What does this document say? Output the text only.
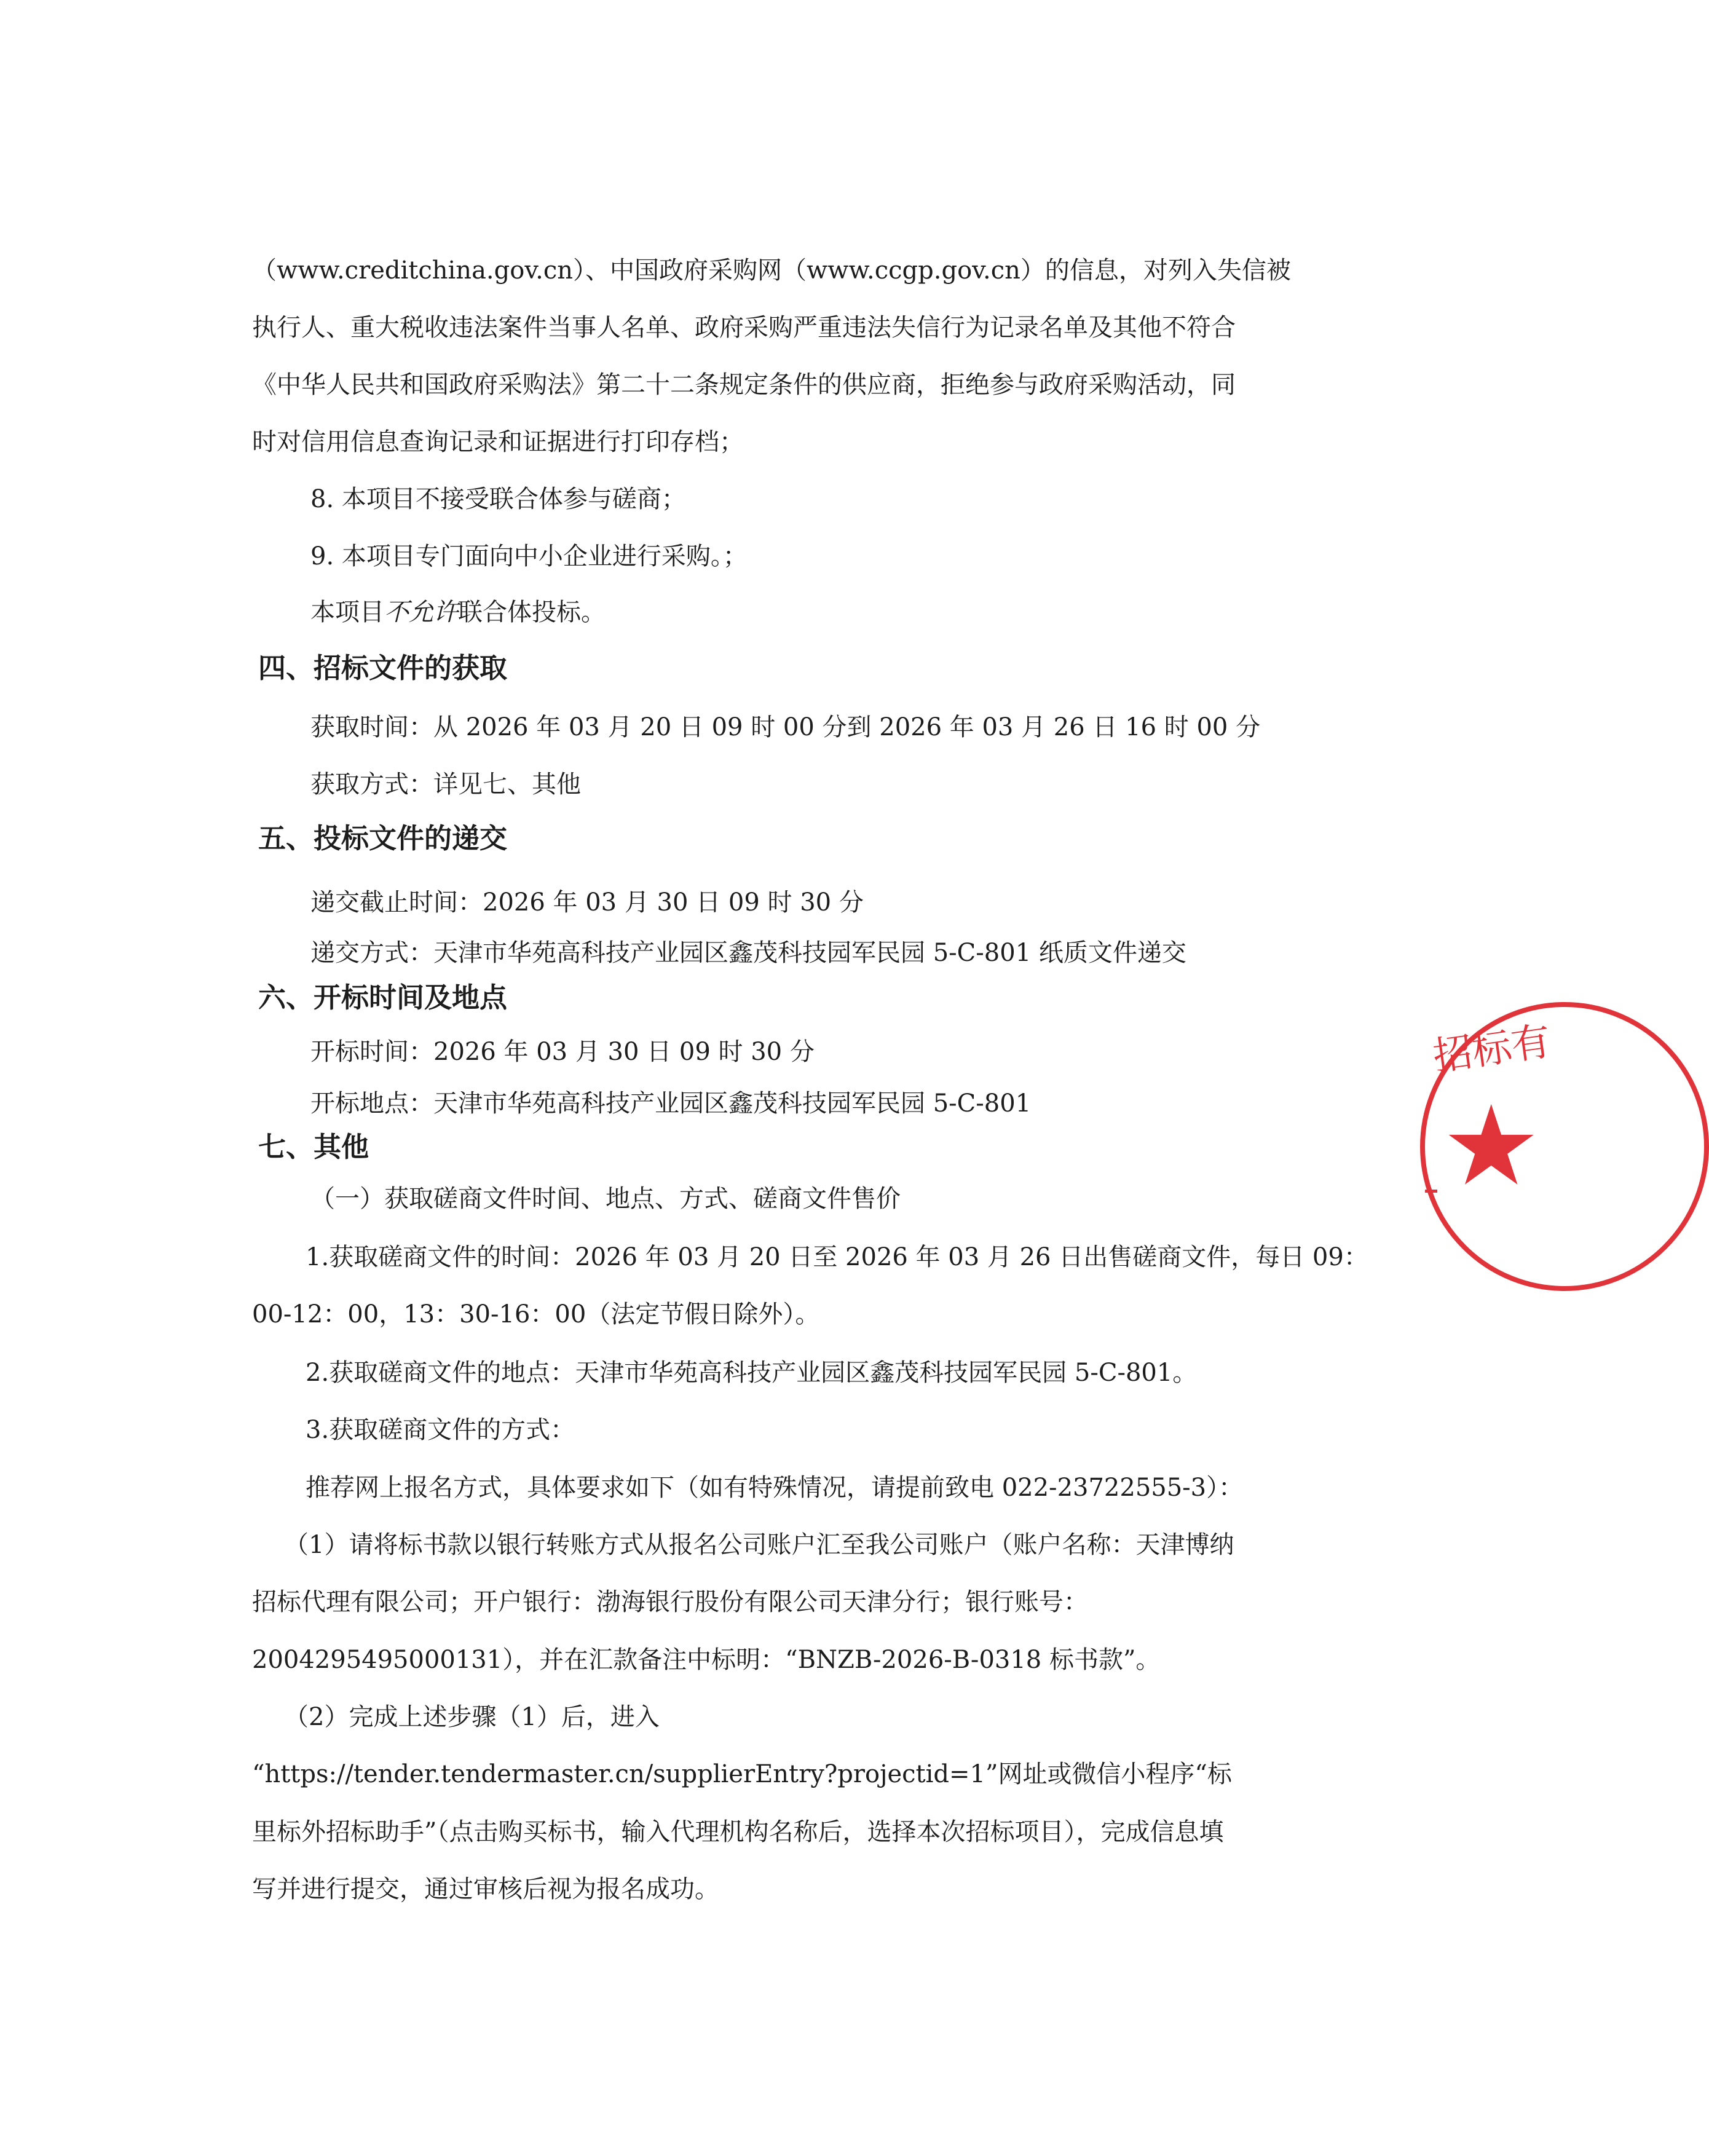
（www.creditchina.gov.cn）、中国政府采购网（www.ccgp.gov.cn）的信息，对列入失信被
执行人、重大税收违法案件当事人名单、政府采购严重违法失信行为记录名单及其他不符合
《中华人民共和国政府采购法》第二十二条规定条件的供应商，拒绝参与政府采购活动，同
时对信用信息查询记录和证据进行打印存档；
8. 本项目不接受联合体参与磋商；
9. 本项目专门面向中小企业进行采购。；
本项目不允许联合体投标。
四、招标文件的获取
获取时间：从 2026 年 03 月 20 日 09 时 00 分到 2026 年 03 月 26 日 16 时 00 分
获取方式：详见七、其他
五、投标文件的递交
递交截止时间：2026 年 03 月 30 日 09 时 30 分
递交方式：天津市华苑高科技产业园区鑫茂科技园军民园 5-C-801 纸质文件递交
六、开标时间及地点
开标时间：2026 年 03 月 30 日 09 时 30 分
开标地点：天津市华苑高科技产业园区鑫茂科技园军民园 5-C-801
七、其他
（一）获取磋商文件时间、地点、方式、磋商文件售价
1.获取磋商文件的时间：2026 年 03 月 20 日至 2026 年 03 月 26 日出售磋商文件，每日 09：
00-12：00，13：30-16：00（法定节假日除外）。
2.获取磋商文件的地点：天津市华苑高科技产业园区鑫茂科技园军民园 5-C-801。
3.获取磋商文件的方式：
推荐网上报名方式，具体要求如下（如有特殊情况，请提前致电 022-23722555-3）：
（1）请将标书款以银行转账方式从报名公司账户汇至我公司账户（账户名称：天津博纳
招标代理有限公司；开户银行：渤海银行股份有限公司天津分行；银行账号：
2004295495000131），并在汇款备注中标明：“BNZB-2026-B-0318 标书款”。
（2）完成上述步骤（1）后，进入
“https://tender.tendermaster.cn/supplierEntry?projectid=1”网址或微信小程序“标
里标外招标助手”（点击购买标书，输入代理机构名称后，选择本次招标项目），完成信息填
写并进行提交，通过审核后视为报名成功。
招标有
★
